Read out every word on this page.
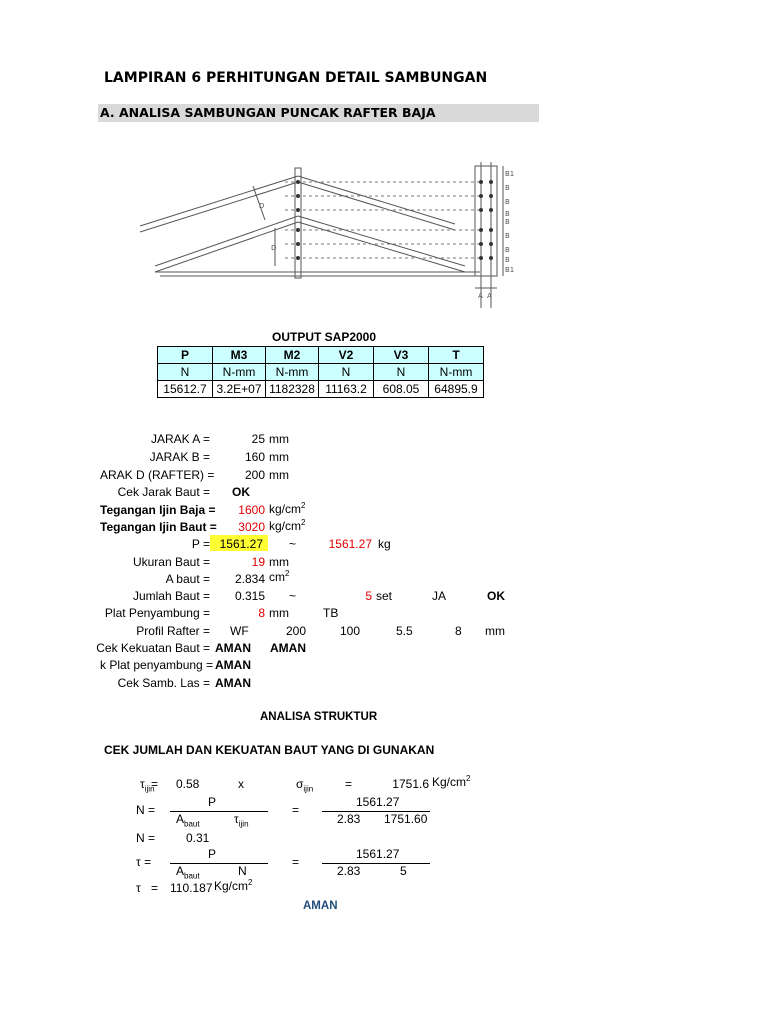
LAMPIRAN 6 PERHITUNGAN DETAIL SAMBUNGAN
A. ANALISA SAMBUNGAN PUNCAK RAFTER BAJA
D
D
B1
B
B
B
B
B
B
B
B1
A A
OUTPUT SAP2000
P	M3	M2	V2	V3	T
N	N-mm	N-mm	N	N	N-mm
15612.7	3.2E+07	1182328	11163.2	608.05	64895.9
JARAK A =	25 mm
JARAK B =	160 mm
ARAK D (RAFTER) =	200 mm
Cek Jarak Baut = OK
Tegangan Ijin Baja =	1600 $kg/cm^2$
Tegangan Ijin Baut =	3020 $kg/cm^2$
P = 1561.27 ~	1561.27 kg
Ukuran Baut =	19 mm
A baut =	2.834 $cm^2$
Jumlah Baut =	0.315 ~	5 set	JA	OK
Plat Penyambung =	8 mm	TB
Profil Rafter = WF	200	100	5.5	8 mm
Cek Kekuatan Baut = AMAN AMAN
k Plat penyambung = AMAN
Cek Samb. Las = AMAN
ANALISA STRUKTUR
CEK JUMLAH DAN KEKUATAN BAUT YANG DI GUNAKAN
$\tau_{ijin}$
= 0.58	x	$\sigma_{ijin}$	=	1751.6 $Kg/cm^2$
N =
P
$A_{baut}$	$\tau_{ijin}$
=
1561.27
2.83 1751.60
N =	0.31
τ =
P
$A_{baut}$	N
=
1561.27
2.83	5
τ = 110.187 $Kg/cm^2$
AMAN
